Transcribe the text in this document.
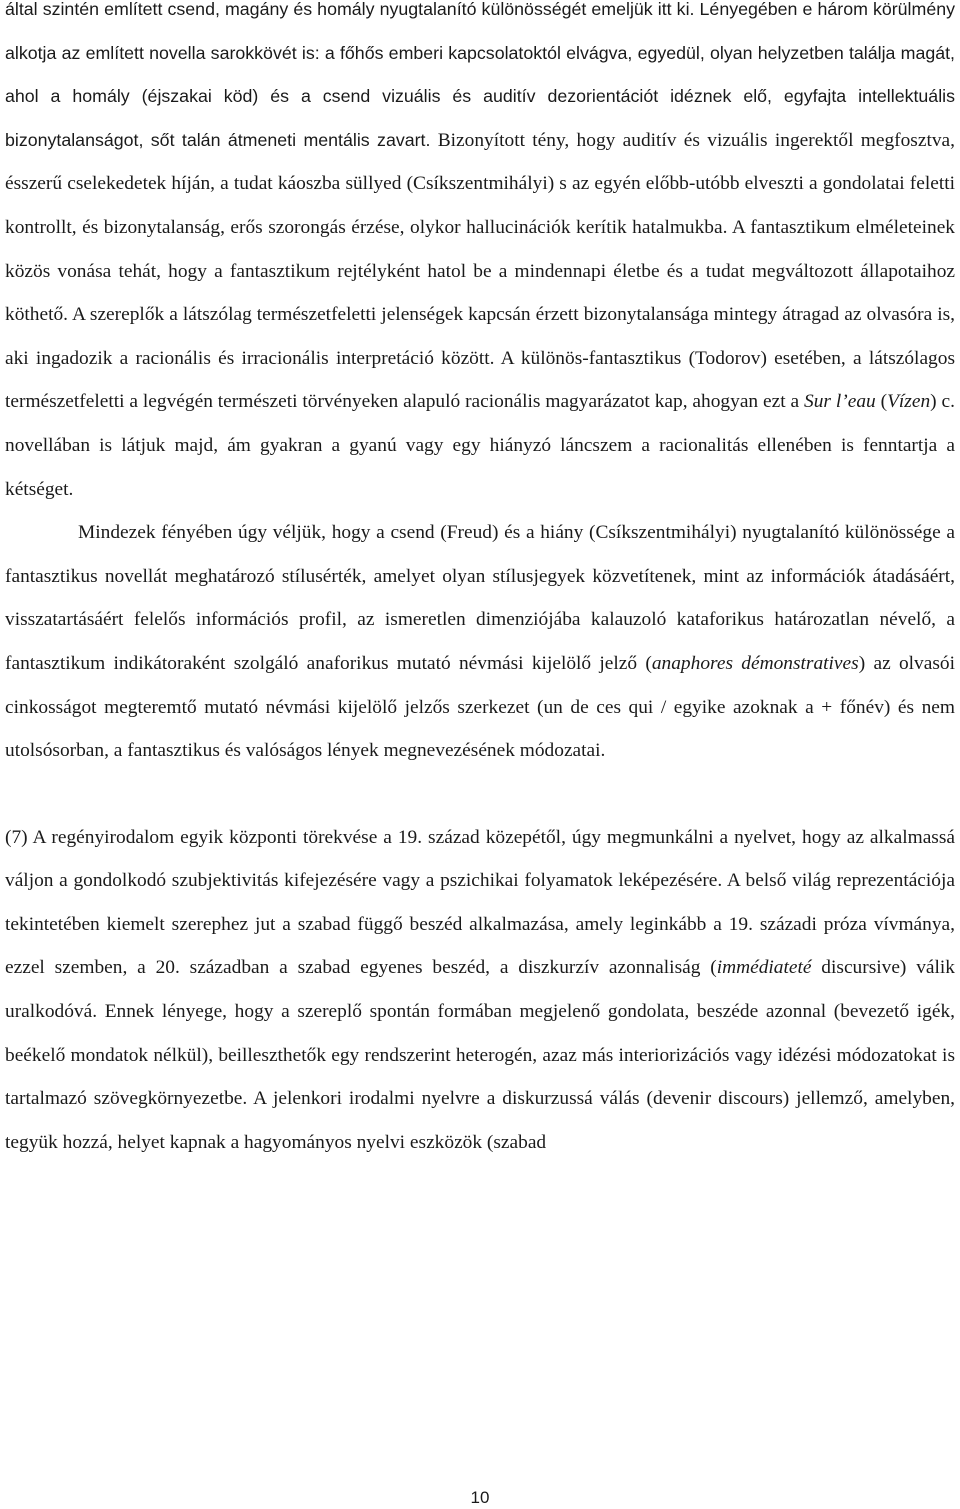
által szintén említett csend, magány és homály nyugtalanító különösségét emeljük itt ki. Lényegében e három körülmény alkotja az említett novella sarokkövét is: a főhős emberi kapcsolatoktól elvágva, egyedül, olyan helyzetben találja magát, ahol a homály (éjszakai köd) és a csend vizuális és auditív dezorientációt idéznek elő, egyfajta intellektuális bizonytalanságot, sőt talán átmeneti mentális zavart. Bizonyított tény, hogy auditív és vizuális ingerektől megfosztva, ésszerű cselekedetek híján, a tudat káoszba süllyed (Csíkszentmihályi) s az egyén előbb-utóbb elveszti a gondolatai feletti kontrollt, és bizonytalanság, erős szorongás érzése, olykor hallucinációk kerítik hatalmukba. A fantasztikum elméleteinek közös vonása tehát, hogy a fantasztikum rejtélyként hatol be a mindennapi életbe és a tudat megváltozott állapotaihoz köthető. A szereplők a látszólag természetfeletti jelenségek kapcsán érzett bizonytalansága mintegy átragad az olvasóra is, aki ingadozik a racionális és irracionális interpretáció között. A különös-fantasztikus (Todorov) esetében, a látszólagos természetfeletti a legvégén természeti törvényeken alapuló racionális magyarázatot kap, ahogyan ezt a Sur l’eau (Vízen) c. novellában is látjuk majd, ám gyakran a gyanú vagy egy hiányzó láncszem a racionalitás ellenében is fenntartja a kétséget.

Mindezek fényében úgy véljük, hogy a csend (Freud) és a hiány (Csíkszentmihályi) nyugtalanító különössége a fantasztikus novellát meghatározó stílusérték, amelyet olyan stílusjegyek közvetítenek, mint az információk átadásáért, visszatartásáért felelős információs profil, az ismeretlen dimenziójába kalauzoló kataforikus határozatlan névelő, a fantasztikum indikátoraként szolgáló anaforikus mutató névmási kijelölő jelző (anaphores démonstratives) az olvasói cinkosságot megteremtő mutató névmási kijelölő jelzős szerkezet (un de ces qui / egyike azoknak a + főnév) és nem utolsósorban, a fantasztikus és valóságos lények megnevezésének módozatai.

(7) A regényirodalom egyik központi törekvése a 19. század közepétől, úgy megmunkálni a nyelvet, hogy az alkalmassá váljon a gondolkodó szubjektivitás kifejezésére vagy a pszichikai folyamatok leképezésére. A belső világ reprezentációja tekintetében kiemelt szerephez jut a szabad függő beszéd alkalmazása, amely leginkább a 19. századi próza vívmánya, ezzel szemben, a 20. században a szabad egyenes beszéd, a diszkurzív azonnaliság (immédiateté discursive) válik uralkodóvá. Ennek lényege, hogy a szereplő spontán formában megjelenő gondolata, beszéde azonnal (bevezető igék, beékelő mondatok nélkül), beilleszthetők egy rendszerint heterogén, azaz más interiorizációs vagy idézési módozatokat is tartalmazó szövegkörnyezetbe. A jelenkori irodalmi nyelvre a diskurzussá válás (devenir discours) jellemző, amelyben, tegyük hozzá, helyet kapnak a hagyományos nyelvi eszközök (szabad

10
